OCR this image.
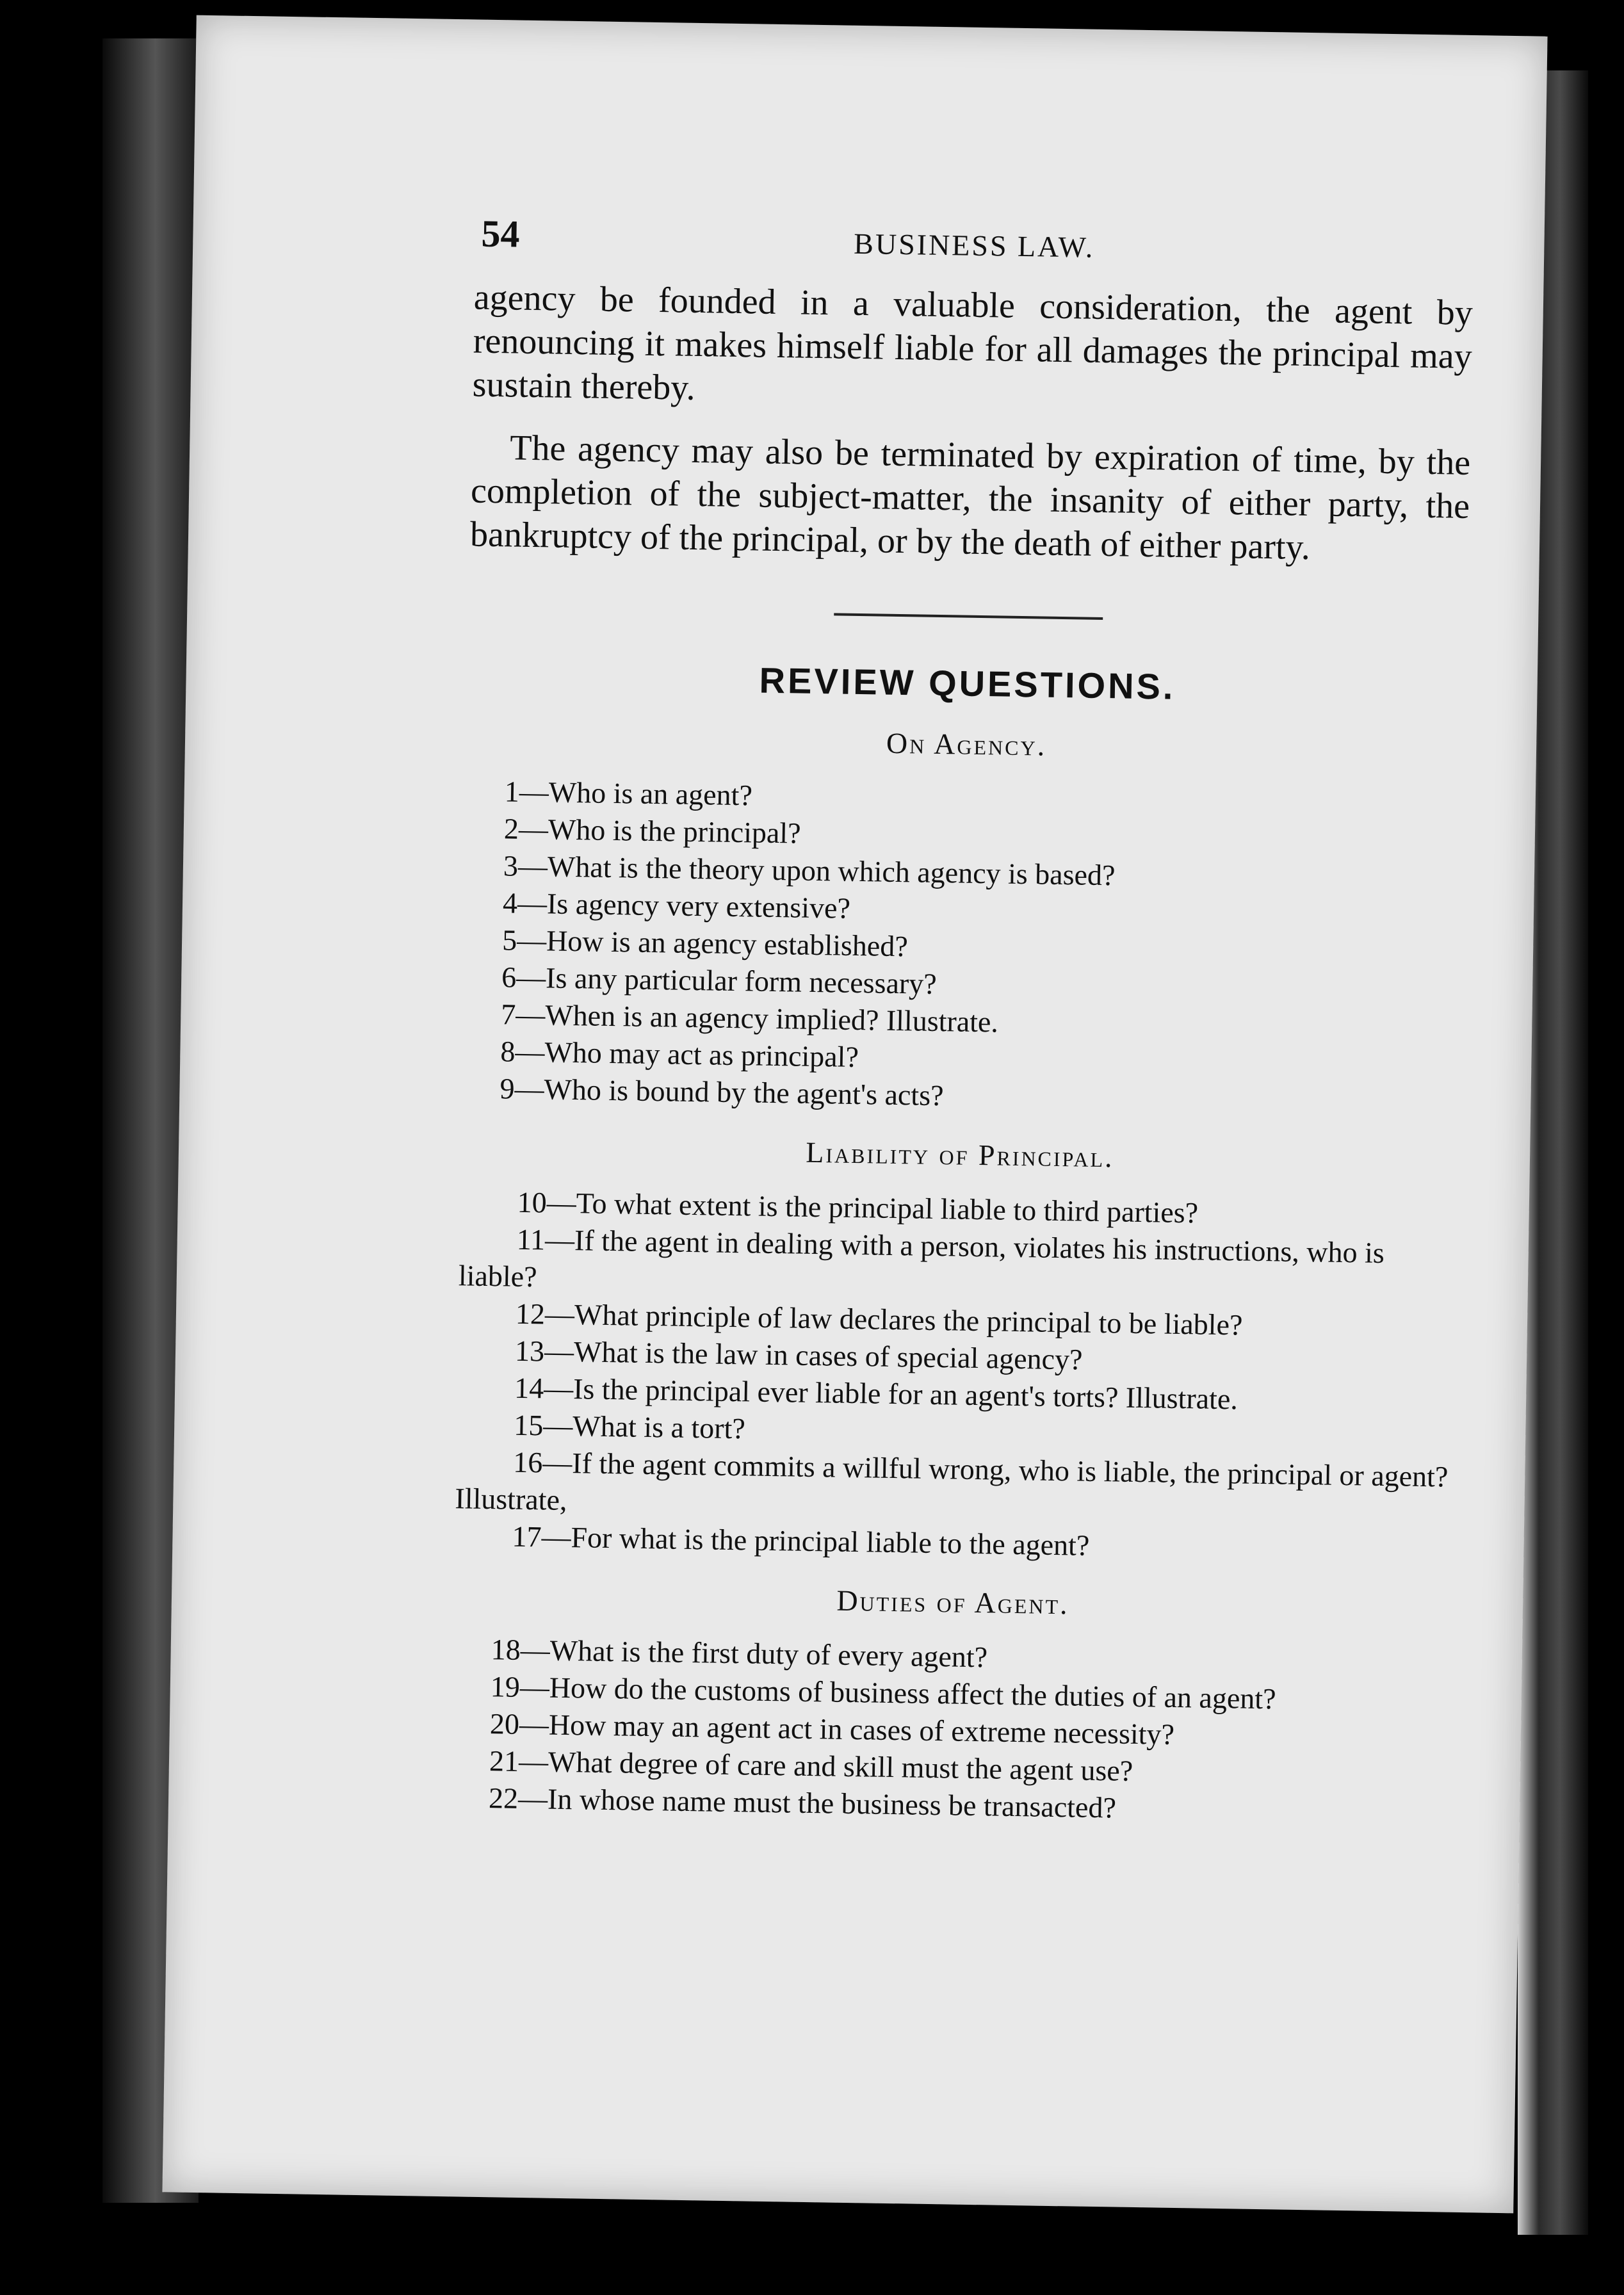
54	BUSINESS LAW.

agency be founded in a valuable consideration, the agent by renouncing it makes himself liable for all damages the principal may sustain thereby.

The agency may also be terminated by expiration of time, by the completion of the subject-matter, the insanity of either party, the bankruptcy of the principal, or by the death of either party.

REVIEW QUESTIONS.
On Agency.
1—Who is an agent?
2—Who is the principal?
3—What is the theory upon which agency is based?
4—Is agency very extensive?
5—How is an agency established?
6—Is any particular form necessary?
7—When is an agency implied? Illustrate.
8—Who may act as principal?
9—Who is bound by the agent's acts?
Liability of Principal.
10—To what extent is the principal liable to third parties?
11—If the agent in dealing with a person, violates his instructions, who is liable?
12—What principle of law declares the principal to be liable?
13—What is the law in cases of special agency?
14—Is the principal ever liable for an agent's torts? Illustrate.
15—What is a tort?
16—If the agent commits a willful wrong, who is liable, the principal or agent? Illustrate,
17—For what is the principal liable to the agent?
Duties of Agent.
18—What is the first duty of every agent?
19—How do the customs of business affect the duties of an agent?
20—How may an agent act in cases of extreme necessity?
21—What degree of care and skill must the agent use?
22—In whose name must the business be transacted?
